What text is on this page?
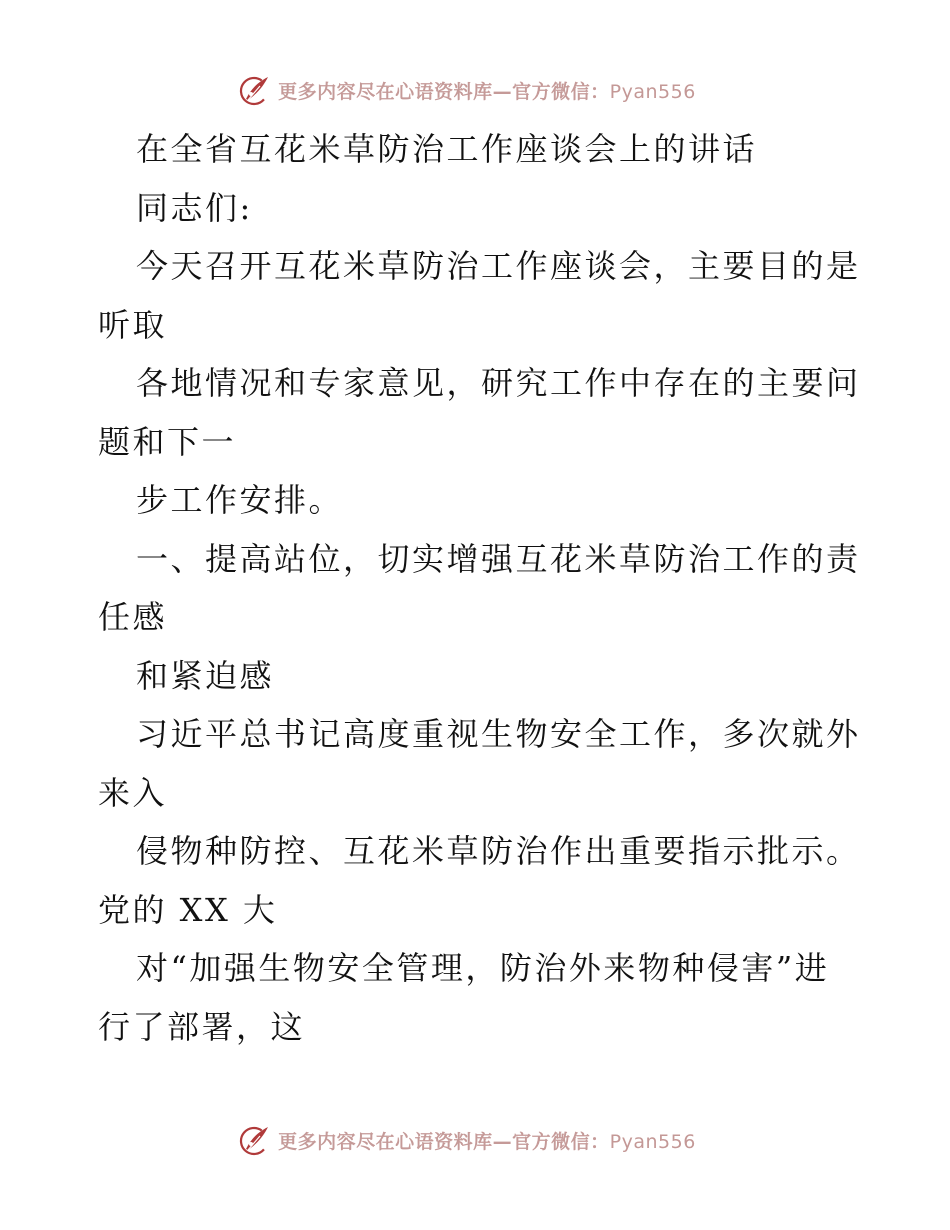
更多内容尽在心语资料库—官方微信：Pyan556
在全省互花米草防治工作座谈会上的讲话
同志们:
今天召开互花米草防治工作座谈会，主要目的是
听取
各地情况和专家意见，研究工作中存在的主要问
题和下一
步工作安排。
一、提高站位，切实增强互花米草防治工作的责
任感
和紧迫感
习近平总书记高度重视生物安全工作，多次就外
来入
侵物种防控、互花米草防治作出重要指示批示。
党的 XX 大
对“加强生物安全管理，防治外来物种侵害”进
行了部署，这
更多内容尽在心语资料库—官方微信：Pyan556
